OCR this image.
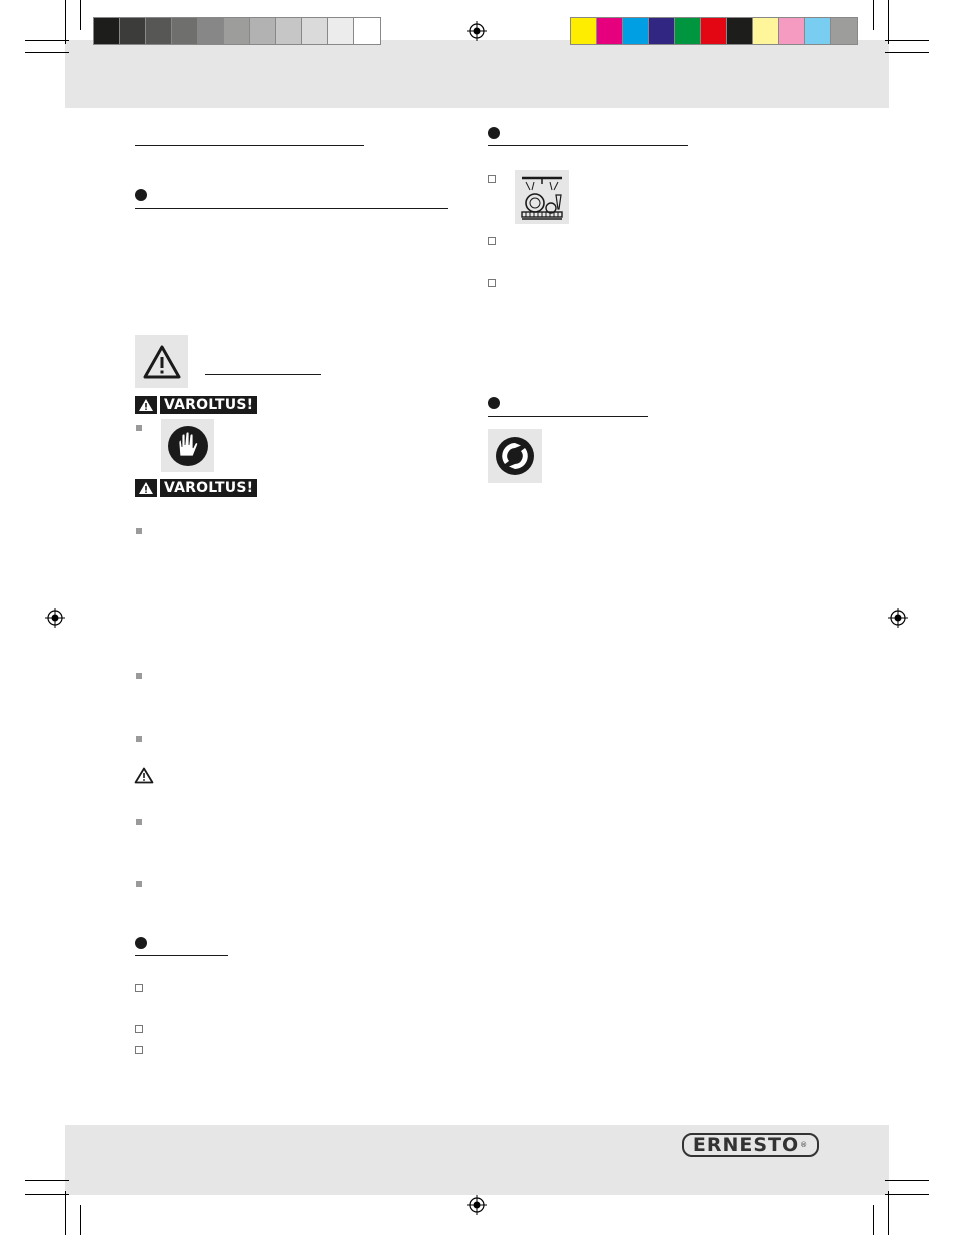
VAROLTUS!
VAROLTUS!
ERNESTO ®
